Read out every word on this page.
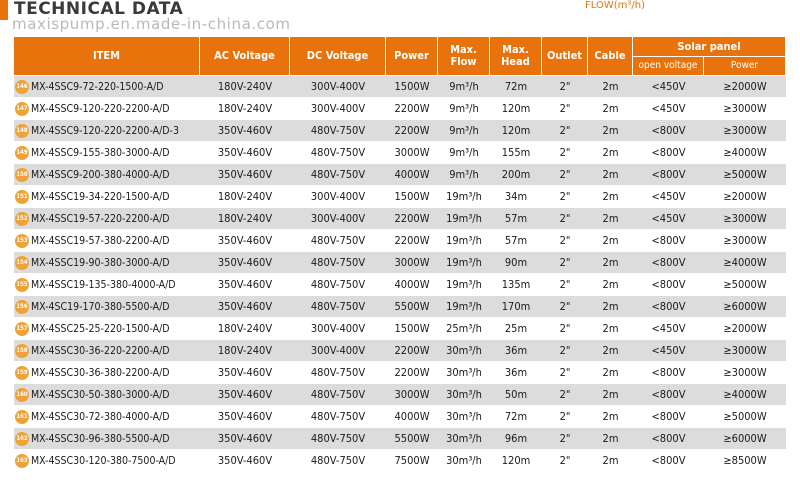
TECHNICAL DATA
maxispump.en.made-in-china.com
FLOW(m³/h)
ITEM	AC Voltage	DC Voltage	Power	Max. Flow	Max. Head	Outlet	Cable	Solar panel	
								open voltage	Power
146 MX-4SSC9-72-220-1500-A/D	180V-240V	300V-400V	1500W	9m³/h	72m	2"	2m	<450V	≥2000W
147 MX-4SSC9-120-220-2200-A/D	180V-240V	300V-400V	2200W	9m³/h	120m	2"	2m	<450V	≥3000W
148 MX-4SSC9-120-220-2200-A/D-3	350V-460V	480V-750V	2200W	9m³/h	120m	2"	2m	<800V	≥3000W
149 MX-4SSC9-155-380-3000-A/D	350V-460V	480V-750V	3000W	9m³/h	155m	2"	2m	<800V	≥4000W
150 MX-4SSC9-200-380-4000-A/D	350V-460V	480V-750V	4000W	9m³/h	200m	2"	2m	<800V	≥5000W
151 MX-4SSC19-34-220-1500-A/D	180V-240V	300V-400V	1500W	19m³/h	34m	2"	2m	<450V	≥2000W
152 MX-4SSC19-57-220-2200-A/D	180V-240V	300V-400V	2200W	19m³/h	57m	2"	2m	<450V	≥3000W
153 MX-4SSC19-57-380-2200-A/D	350V-460V	480V-750V	2200W	19m³/h	57m	2"	2m	<800V	≥3000W
154 MX-4SSC19-90-380-3000-A/D	350V-460V	480V-750V	3000W	19m³/h	90m	2"	2m	<800V	≥4000W
155 MX-4SSC19-135-380-4000-A/D	350V-460V	480V-750V	4000W	19m³/h	135m	2"	2m	<800V	≥5000W
156 MX-4SC19-170-380-5500-A/D	350V-460V	480V-750V	5500W	19m³/h	170m	2"	2m	<800V	≥6000W
157 MX-4SSC25-25-220-1500-A/D	180V-240V	300V-400V	1500W	25m³/h	25m	2"	2m	<450V	≥2000W
158 MX-4SSC30-36-220-2200-A/D	180V-240V	300V-400V	2200W	30m³/h	36m	2"	2m	<450V	≥3000W
159 MX-4SSC30-36-380-2200-A/D	350V-460V	480V-750V	2200W	30m³/h	36m	2"	2m	<800V	≥3000W
160 MX-4SSC30-50-380-3000-A/D	350V-460V	480V-750V	3000W	30m³/h	50m	2"	2m	<800V	≥4000W
161 MX-4SSC30-72-380-4000-A/D	350V-460V	480V-750V	4000W	30m³/h	72m	2"	2m	<800V	≥5000W
162 MX-4SSC30-96-380-5500-A/D	350V-460V	480V-750V	5500W	30m³/h	96m	2"	2m	<800V	≥6000W
163 MX-4SSC30-120-380-7500-A/D	350V-460V	480V-750V	7500W	30m³/h	120m	2"	2m	<800V	≥8500W
